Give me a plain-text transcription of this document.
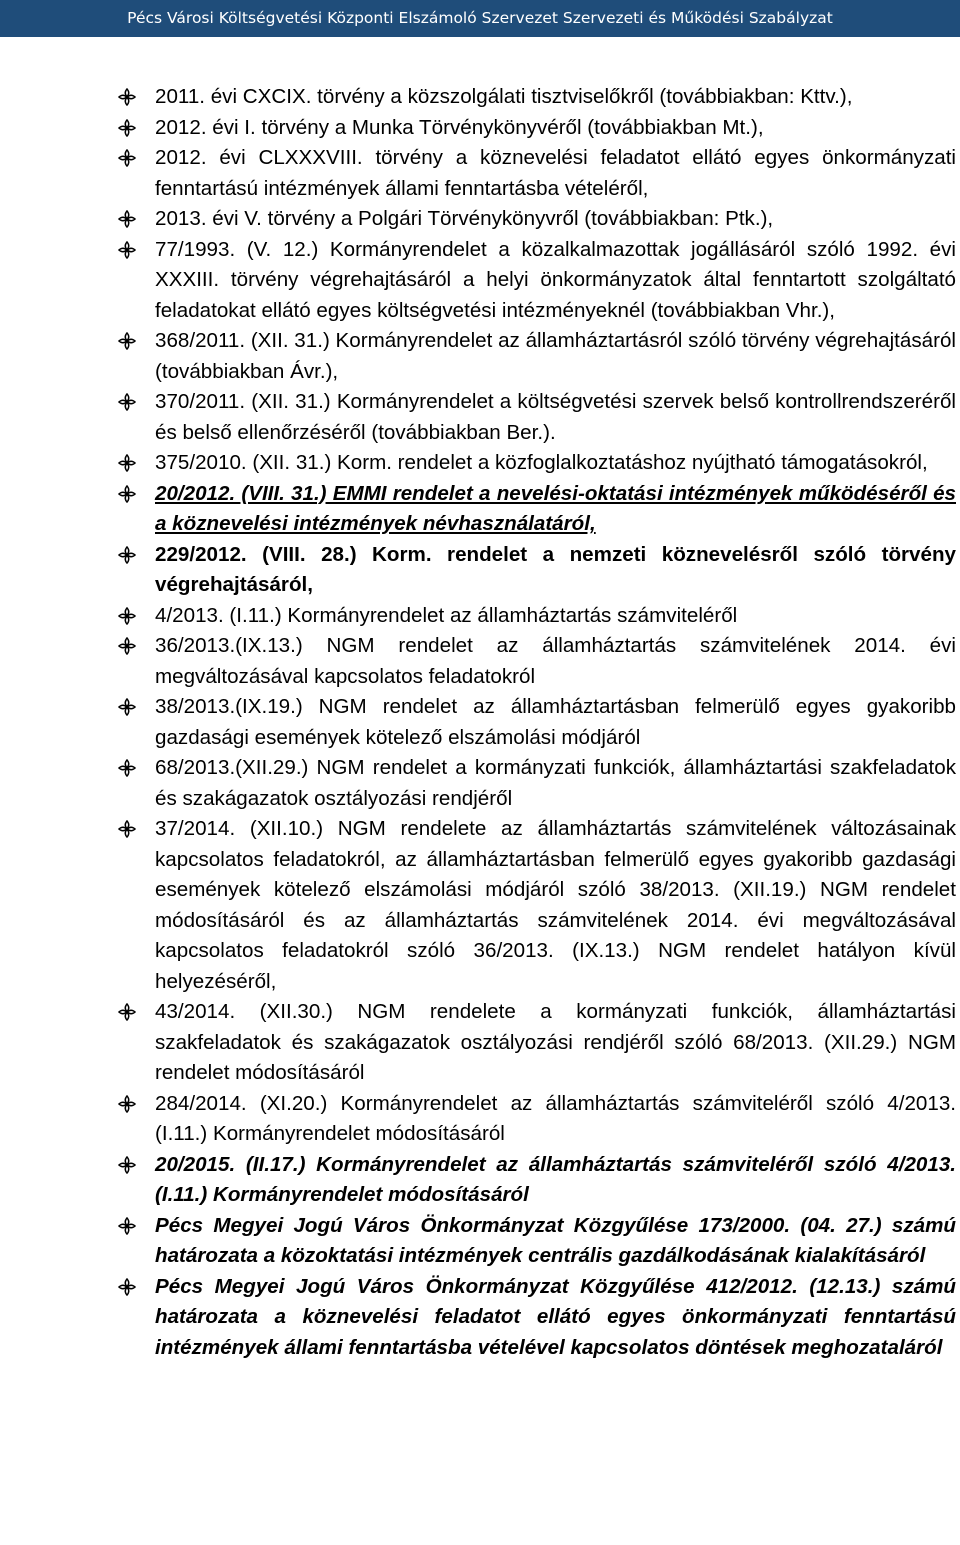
Pécs Városi Költségvetési Központi Elszámoló Szervezet Szervezeti és Működési Szabályzat
2011. évi CXCIX. törvény a közszolgálati tisztviselőkről (továbbiakban: Kttv.),
2012. évi I. törvény a Munka Törvénykönyvéről (továbbiakban Mt.),
2012. évi CLXXXVIII. törvény a köznevelési feladatot ellátó egyes önkormányzati fenntartású intézmények állami fenntartásba vételéről,
2013. évi V. törvény a Polgári Törvénykönyvről (továbbiakban: Ptk.),
77/1993. (V. 12.) Kormányrendelet a közalkalmazottak jogállásáról szóló 1992. évi XXXIII. törvény végrehajtásáról a helyi önkormányzatok által fenntartott szolgáltató feladatokat ellátó egyes költségvetési intézményeknél (továbbiakban Vhr.),
368/2011. (XII. 31.) Kormányrendelet az államháztartásról szóló törvény végrehajtásáról (továbbiakban Ávr.),
370/2011. (XII. 31.) Kormányrendelet a költségvetési szervek belső kontrollrendszeréről és belső ellenőrzéséről (továbbiakban Ber.).
375/2010. (XII. 31.) Korm. rendelet a közfoglalkoztatáshoz nyújtható támogatásokról,
20/2012. (VIII. 31.) EMMI rendelet a nevelési-oktatási intézmények működéséről és a köznevelési intézmények névhasználatáról,
229/2012. (VIII. 28.) Korm. rendelet a nemzeti köznevelésről szóló törvény végrehajtásáról,
4/2013. (I.11.) Kormányrendelet az államháztartás számviteléről
36/2013.(IX.13.) NGM rendelet az államháztartás számvitelének 2014. évi megváltozásával kapcsolatos feladatokról
38/2013.(IX.19.) NGM rendelet az államháztartásban felmerülő egyes gyakoribb gazdasági események kötelező elszámolási módjáról
68/2013.(XII.29.) NGM rendelet a kormányzati funkciók, államháztartási szakfeladatok és szakágazatok osztályozási rendjéről
37/2014. (XII.10.) NGM rendelete az államháztartás számvitelének változásainak kapcsolatos feladatokról, az államháztartásban felmerülő egyes gyakoribb gazdasági események kötelező elszámolási módjáról szóló 38/2013. (XII.19.) NGM rendelet módosításáról és az államháztartás számvitelének 2014. évi megváltozásával kapcsolatos feladatokról szóló 36/2013. (IX.13.) NGM rendelet hatályon kívül helyezéséről,
43/2014. (XII.30.) NGM rendelete a kormányzati funkciók, államháztartási szakfeladatok és szakágazatok osztályozási rendjéről szóló 68/2013. (XII.29.) NGM rendelet módosításáról
284/2014. (XI.20.) Kormányrendelet az államháztartás számviteléről szóló 4/2013. (I.11.) Kormányrendelet módosításáról
20/2015. (II.17.) Kormányrendelet az államháztartás számviteléről szóló 4/2013. (I.11.) Kormányrendelet módosításáról
Pécs Megyei Jogú Város Önkormányzat Közgyűlése 173/2000. (04. 27.) számú határozata a közoktatási intézmények centrális gazdálkodásának kialakításáról
Pécs Megyei Jogú Város Önkormányzat Közgyűlése 412/2012. (12.13.) számú határozata a köznevelési feladatot ellátó egyes önkormányzati fenntartású intézmények állami fenntartásba vételével kapcsolatos döntések meghozataláról
